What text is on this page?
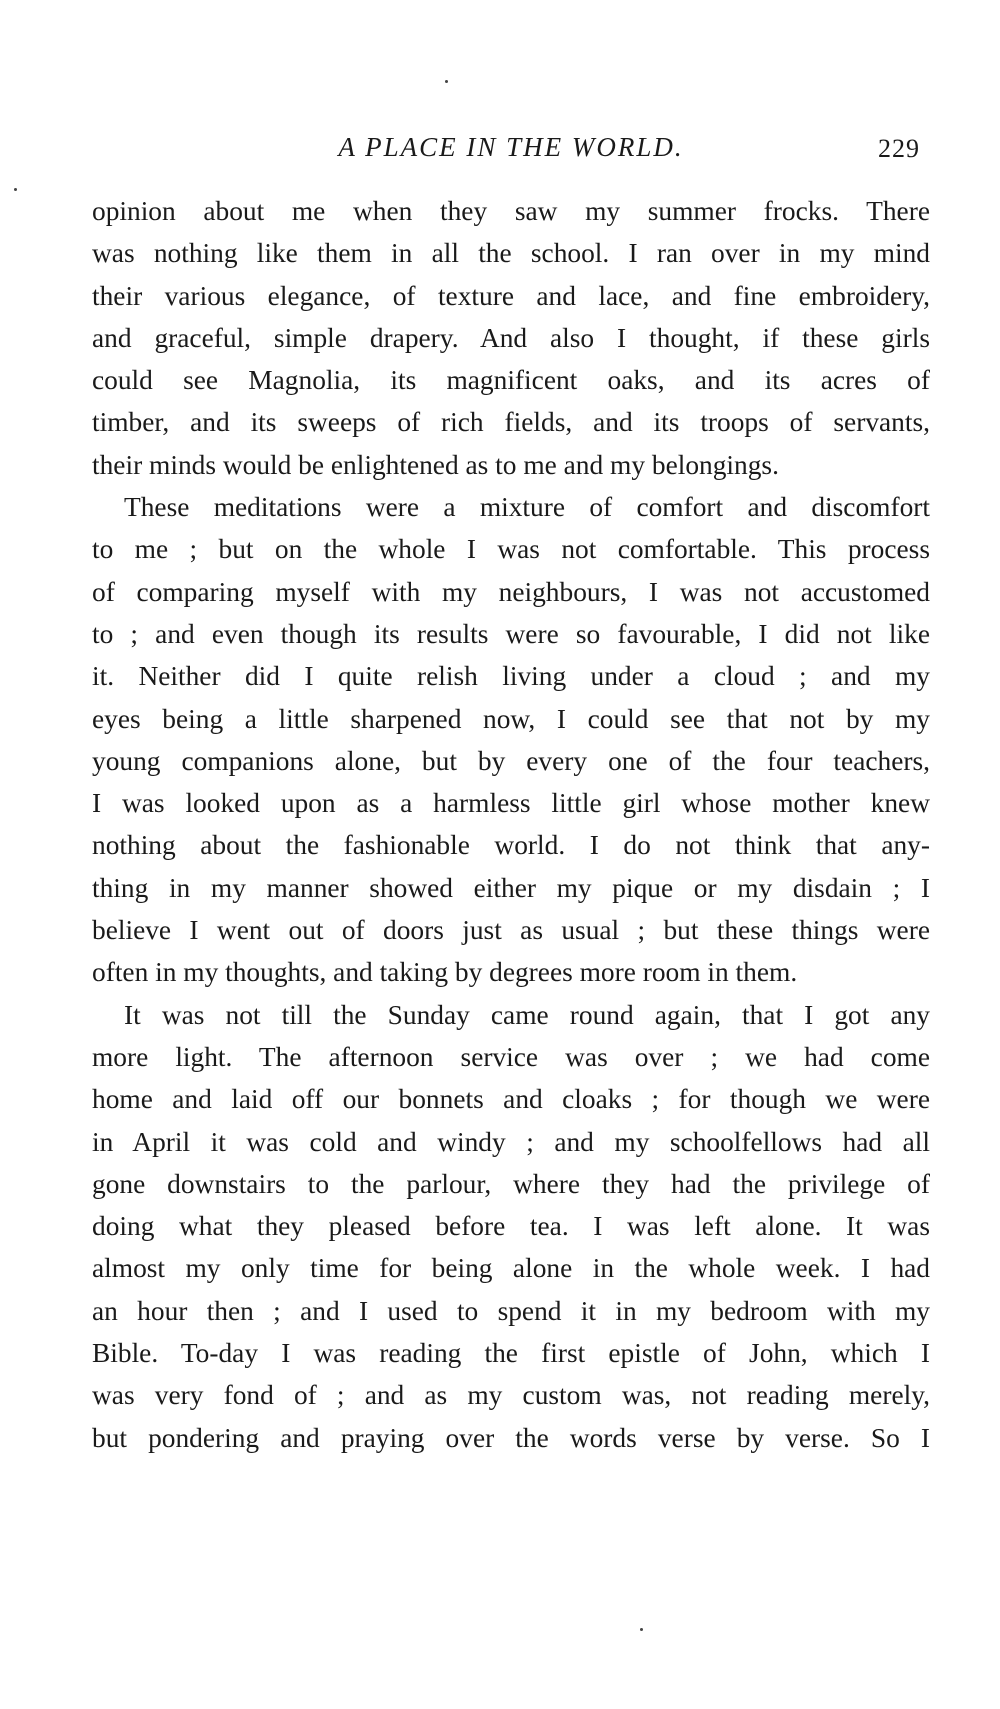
A PLACE IN THE WORLD.	229
opinion about me when they saw my summer frocks. There
was nothing like them in all the school. I ran over in my mind
their various elegance, of texture and lace, and fine embroidery,
and graceful, simple drapery. And also I thought, if these girls
could see Magnolia, its magnificent oaks, and its acres of
timber, and its sweeps of rich fields, and its troops of servants,
their minds would be enlightened as to me and my belongings.
These meditations were a mixture of comfort and discomfort
to me ; but on the whole I was not comfortable. This process
of comparing myself with my neighbours, I was not accustomed
to ; and even though its results were so favourable, I did not like
it. Neither did I quite relish living under a cloud ; and my
eyes being a little sharpened now, I could see that not by my
young companions alone, but by every one of the four teachers,
I was looked upon as a harmless little girl whose mother knew
nothing about the fashionable world. I do not think that any-
thing in my manner showed either my pique or my disdain ; I
believe I went out of doors just as usual ; but these things were
often in my thoughts, and taking by degrees more room in them.
It was not till the Sunday came round again, that I got any
more light. The afternoon service was over ; we had come
home and laid off our bonnets and cloaks ; for though we were
in April it was cold and windy ; and my schoolfellows had all
gone downstairs to the parlour, where they had the privilege of
doing what they pleased before tea. I was left alone. It was
almost my only time for being alone in the whole week. I had
an hour then ; and I used to spend it in my bedroom with my
Bible. To-day I was reading the first epistle of John, which I
was very fond of ; and as my custom was, not reading merely,
but pondering and praying over the words verse by verse. So I
